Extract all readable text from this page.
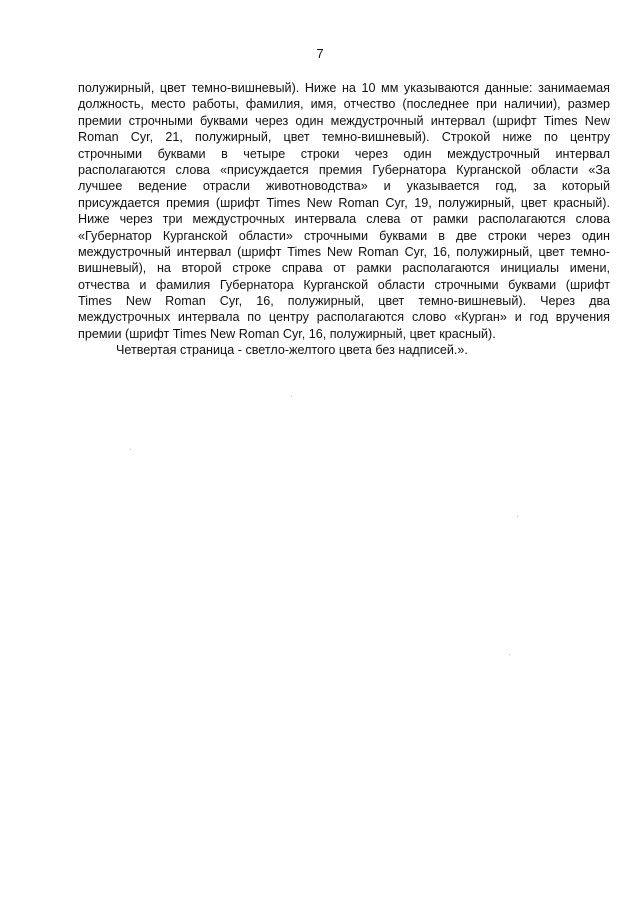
7
полужирный, цвет темно-вишневый). Ниже на 10 мм указываются данные: занимаемая
должность, место работы, фамилия, имя, отчество (последнее при наличии), размер
премии строчными буквами через один междустрочный интервал (шрифт Times New
Roman Cyr, 21, полужирный, цвет темно-вишневый). Строкой ниже по центру
строчными буквами в четыре строки через один междустрочный интервал
располагаются слова «присуждается премия Губернатора Курганской области «За
лучшее ведение отрасли животноводства» и указывается год, за который
присуждается премия (шрифт Times New Roman Cyr, 19, полужирный, цвет красный).
Ниже через три междустрочных интервала слева от рамки располагаются слова
«Губернатор Курганской области» строчными буквами в две строки через один
междустрочный интервал (шрифт Times New Roman Cyr, 16, полужирный, цвет темно-
вишневый), на второй строке справа от рамки располагаются инициалы имени,
отчества и фамилия Губернатора Курганской области строчными буквами (шрифт
Times New Roman Cyr, 16, полужирный, цвет темно-вишневый). Через два
междустрочных интервала по центру располагаются слово «Курган» и год вручения
премии (шрифт Times New Roman Cyr, 16, полужирный, цвет красный).
Четвертая страница - светло-желтого цвета без надписей.».
